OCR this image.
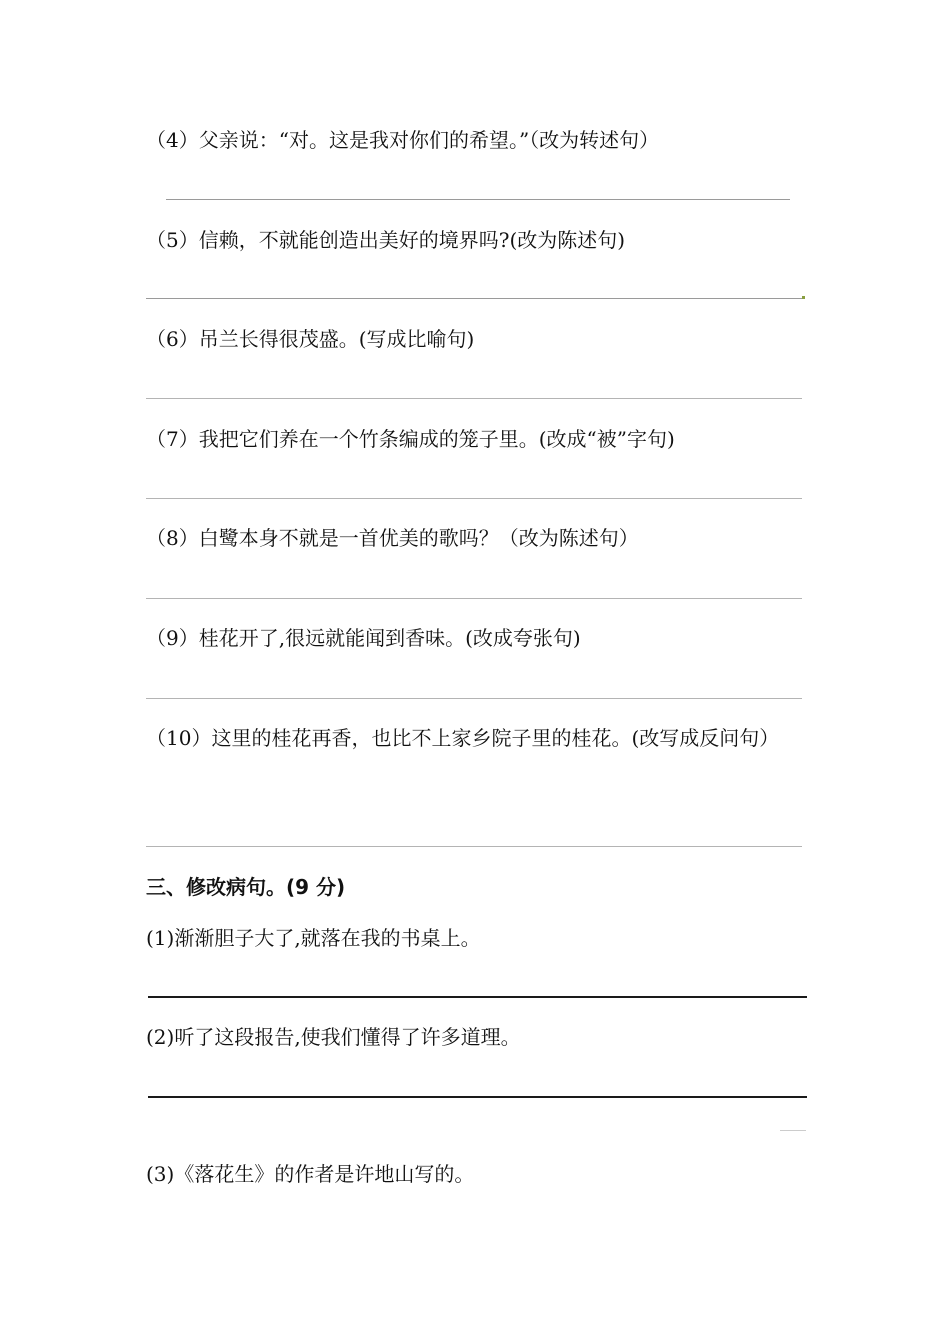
（4）父亲说：“对。这是我对你们的希望。”（改为转述句）
（5）信赖，不就能创造出美好的境界吗?(改为陈述句)
（6）吊兰长得很茂盛。(写成比喻句)
（7）我把它们养在一个竹条编成的笼子里。(改成“被”字句)
（8）白鹭本身不就是一首优美的歌吗？（改为陈述句）
（9）桂花开了,很远就能闻到香味。(改成夸张句)
（10）这里的桂花再香，也比不上家乡院子里的桂花。(改写成反问句）
三、修改病句。(9 分)
(1)渐渐胆子大了,就落在我的书桌上。
(2)听了这段报告,使我们懂得了许多道理。
(3)《落花生》的作者是许地山写的。
